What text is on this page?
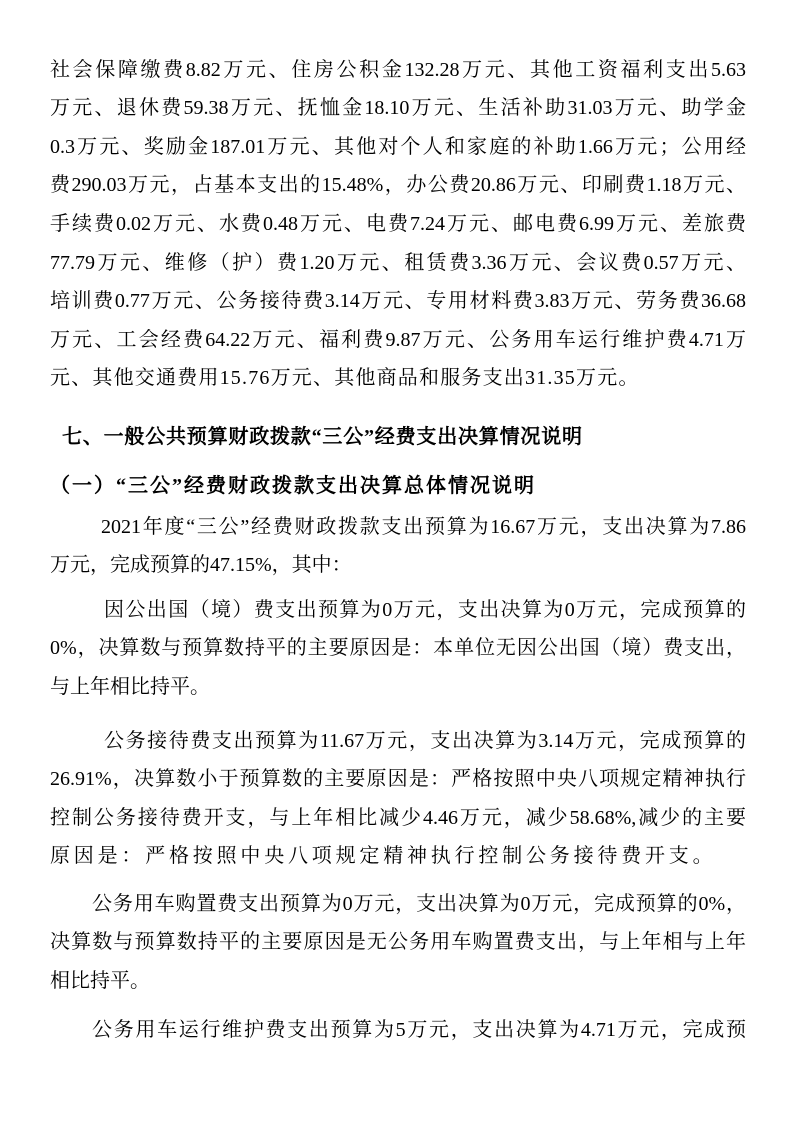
社会保障缴费8.82万元、住房公积金132.28万元、其他工资福利支出5.63
万元、退休费59.38万元、抚恤金18.10万元、生活补助31.03万元、助学金
0.3万元、奖励金187.01万元、其他对个人和家庭的补助1.66万元；公用经
费290.03万元，占基本支出的15.48%，办公费20.86万元、印刷费1.18万元、
手续费0.02万元、水费0.48万元、电费7.24万元、邮电费6.99万元、差旅费
77.79万元、维修（护）费1.20万元、租赁费3.36万元、会议费0.57万元、
培训费0.77万元、公务接待费3.14万元、专用材料费3.83万元、劳务费36.68
万元、工会经费64.22万元、福利费9.87万元、公务用车运行维护费4.71万
元、其他交通费用15.76万元、其他商品和服务支出31.35万元。
七、一般公共预算财政拨款“三公”经费支出决算情况说明
（一）“三公”经费财政拨款支出决算总体情况说明
2021年度“三公”经费财政拨款支出预算为16.67万元，支出决算为7.86
万元，完成预算的47.15%，其中：
因公出国（境）费支出预算为0万元，支出决算为0万元，完成预算的
0%，决算数与预算数持平的主要原因是：本单位无因公出国（境）费支出，
与上年相比持平。
公务接待费支出预算为11.67万元，支出决算为3.14万元，完成预算的
26.91%，决算数小于预算数的主要原因是：严格按照中央八项规定精神执行
控制公务接待费开支，与上年相比减少4.46万元，减少58.68%,减少的主要
原因是：严格按照中央八项规定精神执行控制公务接待费开支。
公务用车购置费支出预算为0万元，支出决算为0万元，完成预算的0%，
决算数与预算数持平的主要原因是无公务用车购置费支出，与上年相与上年
相比持平。
公务用车运行维护费支出预算为5万元，支出决算为4.71万元，完成预
